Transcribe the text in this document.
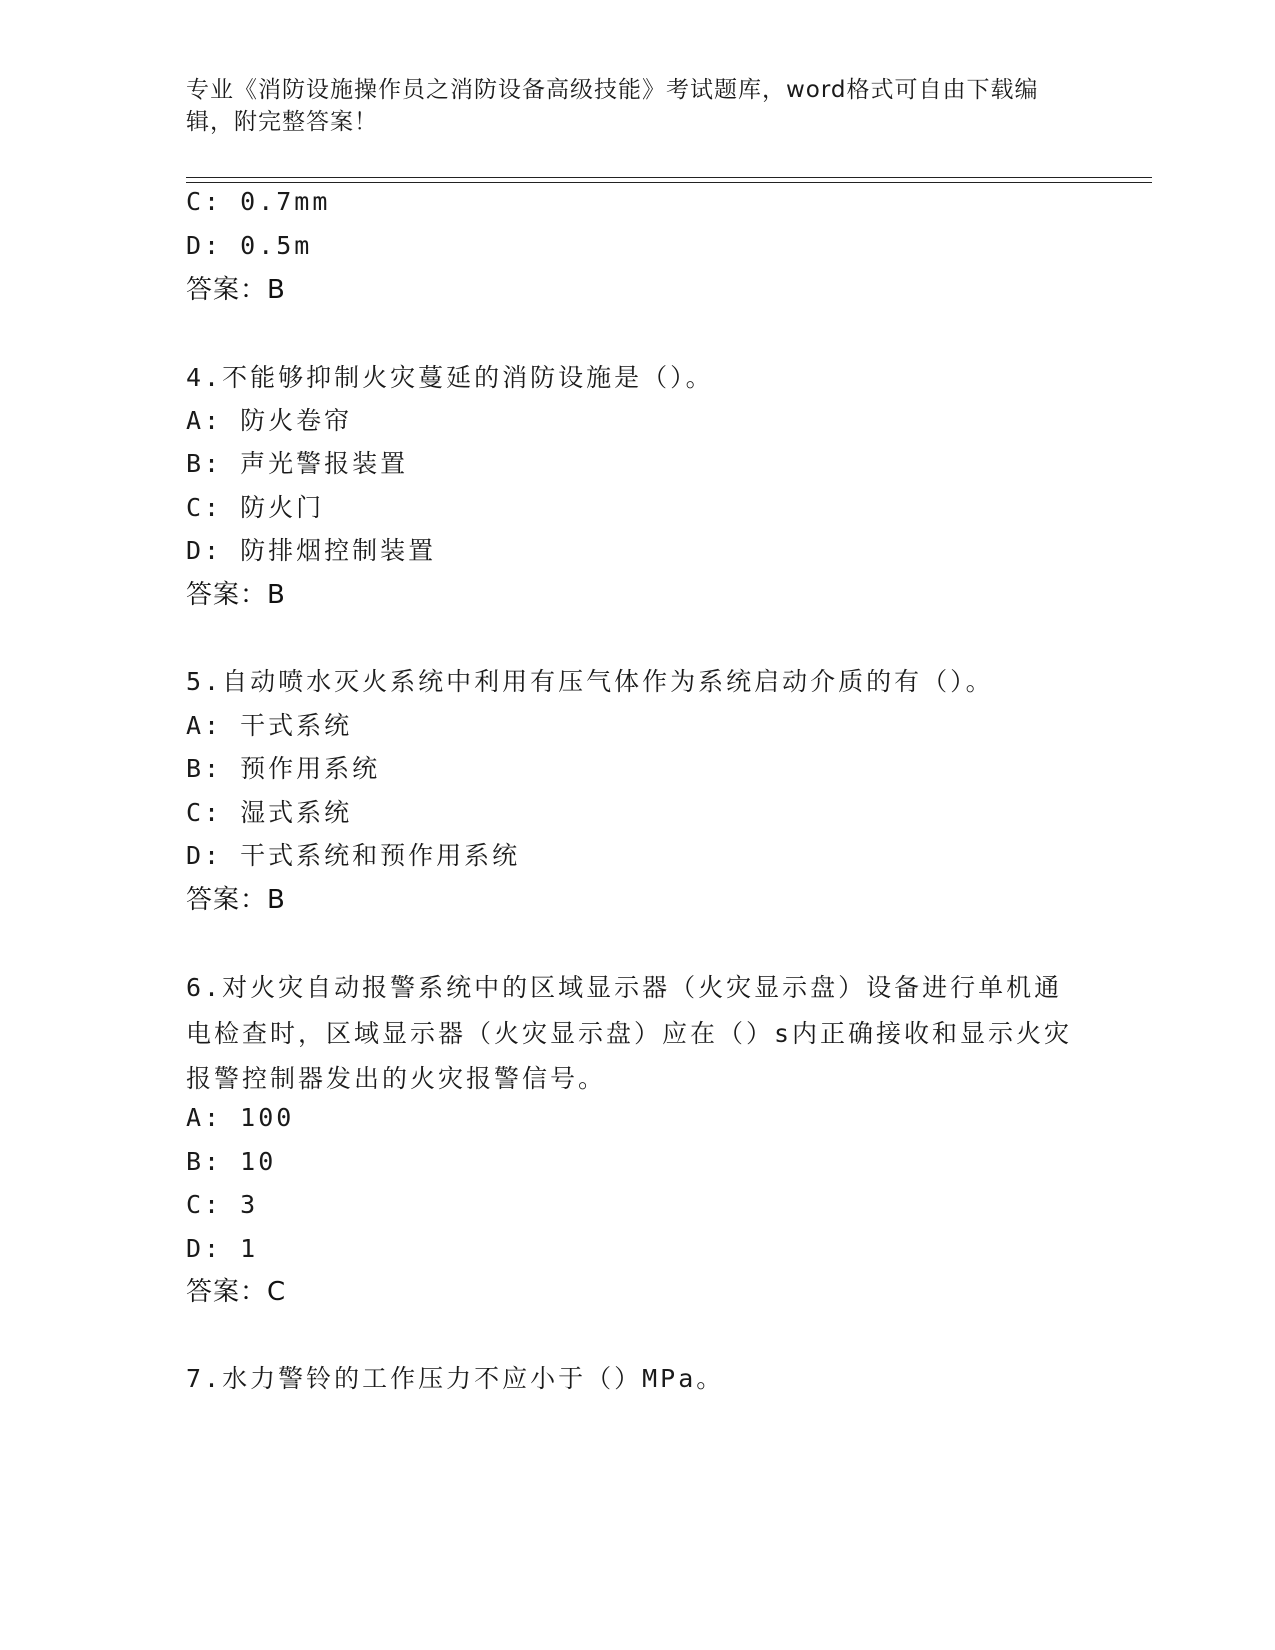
专业《消防设施操作员之消防设备高级技能》考试题库，word格式可自由下载编辑，附完整答案！
C: 0.7mm
D: 0.5m
答案：B
4.不能够抑制火灾蔓延的消防设施是（）。
A: 防火卷帘
B: 声光警报装置
C: 防火门
D: 防排烟控制装置
答案：B
5.自动喷水灭火系统中利用有压气体作为系统启动介质的有（）。
A: 干式系统
B: 预作用系统
C: 湿式系统
D: 干式系统和预作用系统
答案：B
6.对火灾自动报警系统中的区域显示器（火灾显示盘）设备进行单机通电检查时，区域显示器（火灾显示盘）应在（）s内正确接收和显示火灾报警控制器发出的火灾报警信号。
A: 100
B: 10
C: 3
D: 1
答案：C
7.水力警铃的工作压力不应小于（）MPa。
